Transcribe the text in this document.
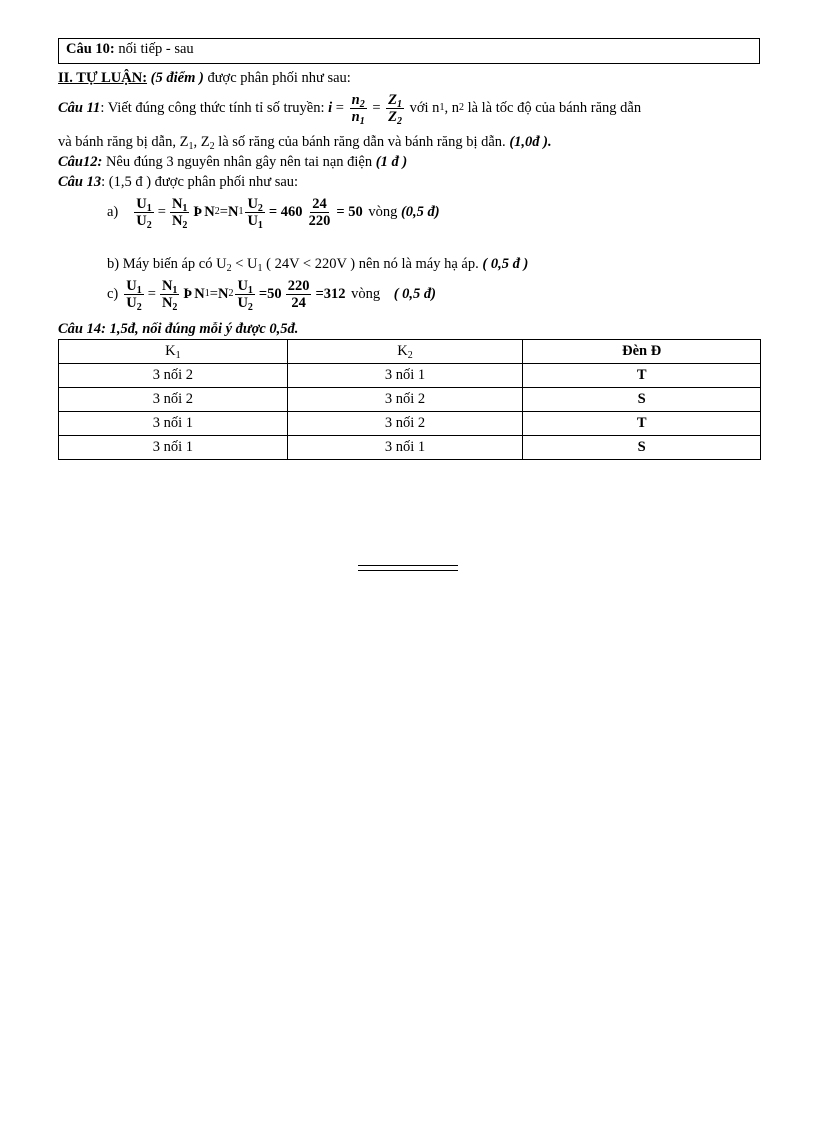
Câu 10: nối tiếp - sau
II. TỰ LUẬN: (5 điểm ) được phân phối như sau:
Câu 11 : Viết đúng công thức tính tỉ số truyền: $i = \frac{n_2}{n_1} = \frac{Z_1}{Z_2}$ với n 1 , n 2 là là tốc độ của bánh răng dẫn
và bánh răng bị dẫn, $Z_1$, $Z_2$ là số răng của bánh răng dẫn và bánh răng bị dẫn. (1,0đ ).
Câu12: Nêu đúng 3 nguyên nhân gây nên tai nạn điện (1 đ )
Câu 13: (1,5 đ ) được phân phối như sau:
$a) \frac{U_1}{U_2} = \frac{N_1}{N_2}$ Þ N 2 = N $1 \frac{U_2}{U_1} = 460 \frac{24}{220} = 50$ vòng (0,5 đ)
b) Máy biến áp có $U_2 < U_1$ ( 24V < 220V ) nên nó là máy hạ áp. ( 0,5 đ )
$c) \frac{U_1}{U_2} = \frac{N_1}{N_2}$ Þ N 1 = N $2 \frac{U_1}{U_2} =50 \frac{220}{24} =312$ vòng ( 0,5 đ)
Câu 14: 1,5đ, nối đúng mỗi ý được 0,5đ.
$K_1$	$K_2$	Đèn Đ
3 nối 2	3 nối 1	T
3 nối 2	3 nối 2	S
3 nối 1	3 nối 2	T
3 nối 1	3 nối 1	S
